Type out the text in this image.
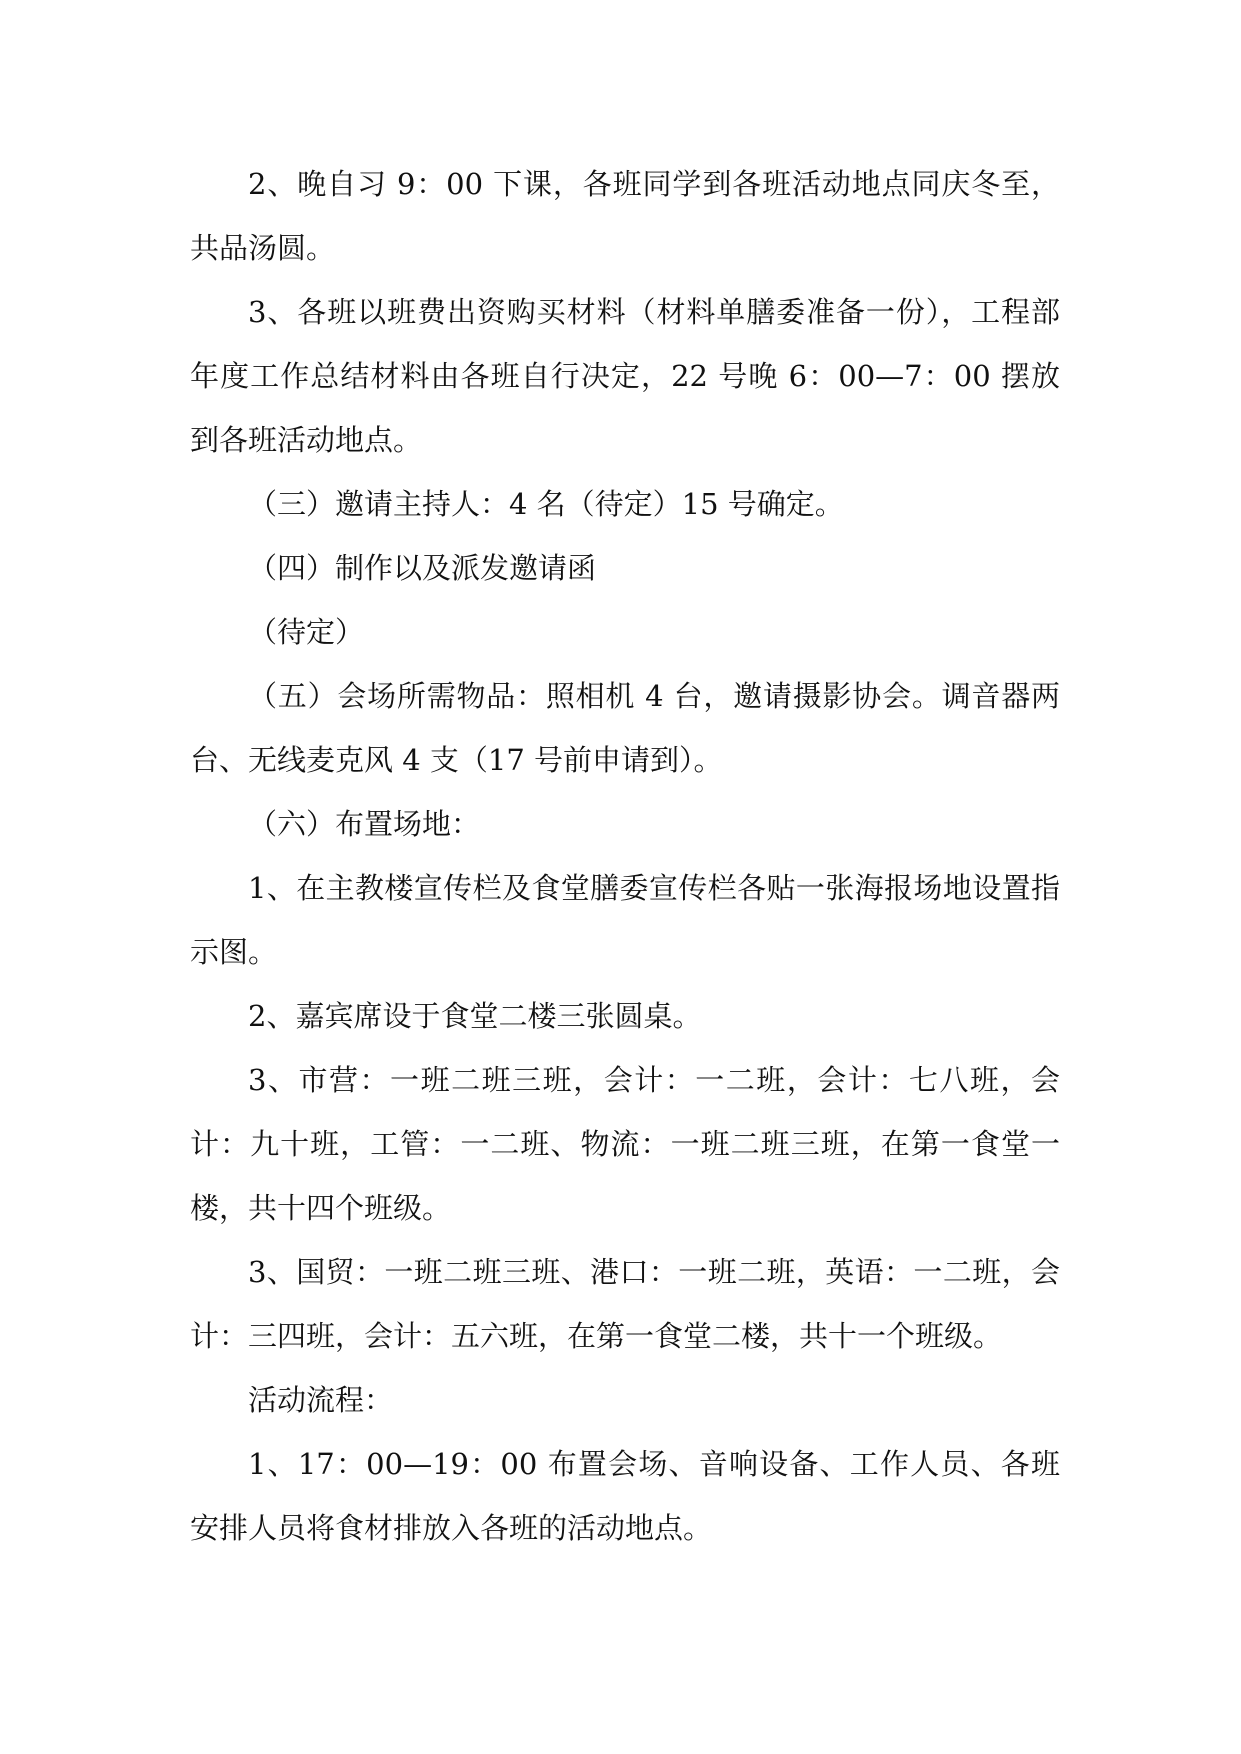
2、晚自习 9：00 下课，各班同学到各班活动地点同庆冬至，共品汤圆。

3、各班以班费出资购买材料（材料单膳委准备一份），工程部年度工作总结材料由各班自行决定，22 号晚 6：00—7：00 摆放到各班活动地点。

（三）邀请主持人：4 名（待定）15 号确定。

（四）制作以及派发邀请函

（待定）

（五）会场所需物品：照相机 4 台，邀请摄影协会。调音器两台、无线麦克风 4 支（17 号前申请到）。

（六）布置场地：

1、在主教楼宣传栏及食堂膳委宣传栏各贴一张海报场地设置指示图。

2、嘉宾席设于食堂二楼三张圆桌。

3、市营：一班二班三班，会计：一二班，会计：七八班，会计：九十班，工管：一二班、物流：一班二班三班，在第一食堂一楼，共十四个班级。

3、国贸：一班二班三班、港口：一班二班，英语：一二班，会计：三四班，会计：五六班，在第一食堂二楼，共十一个班级。

活动流程：

1、17：00—19：00 布置会场、音响设备、工作人员、各班安排人员将食材排放入各班的活动地点。
